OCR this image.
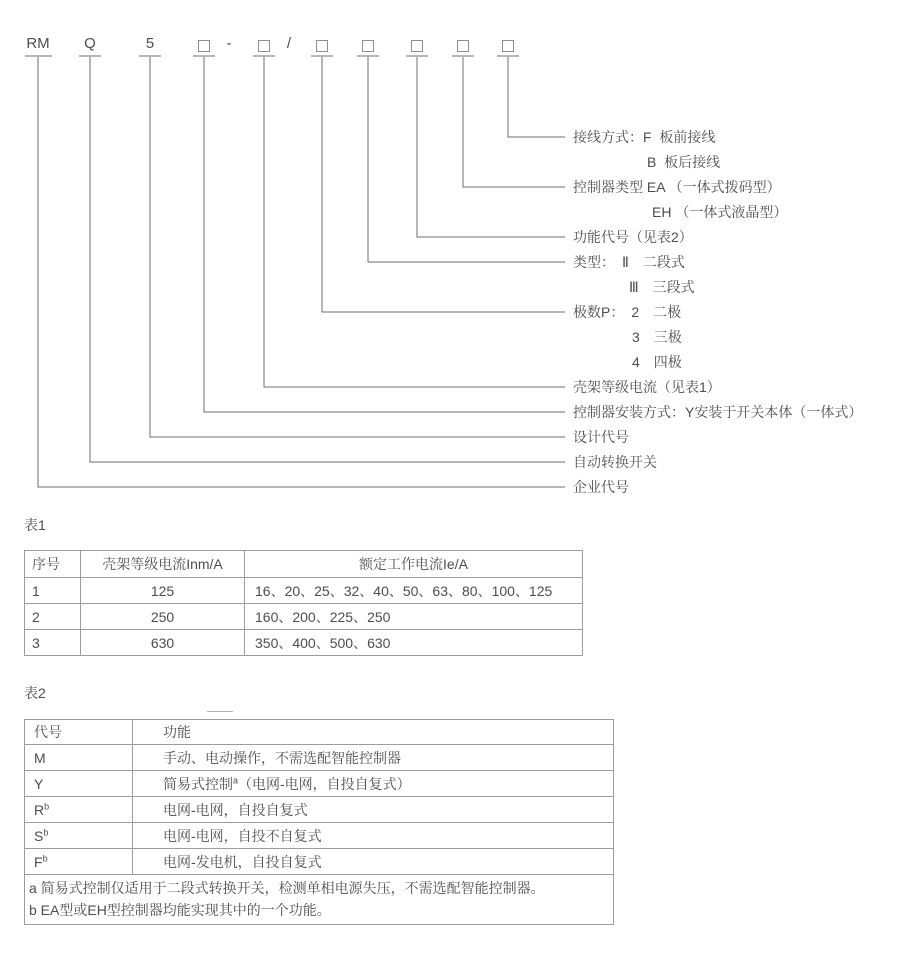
RM Q	5	-	/
接线方式：F  板前接线
B  板后接线
控制器类型 EA （一体式拨码型）
EH （一体式液晶型）
功能代号（见表2）
类型：　Ⅱ　二段式
Ⅲ　三段式
极数P：　2　二极
3　三极
4　四极
壳架等级电流（见表1）
控制器安装方式：Y安装于开关本体（一体式）
设计代号
自动转换开关
企业代号
表1
序号	壳架等级电流Inm/A	额定工作电流Ie/A
1	125	16、20、25、32、40、50、63、80、100、125
2	250	160、200、225、250
3	630	350、400、500、630
表2
代号	功能
M	手动、电动操作，不需选配智能控制器
Y	简易式控制$^a$（电网-电网，自投自复式）
$R^b$	电网-电网，自投自复式
$S^b$	电网-电网，自投不自复式
$F^b$	电网-发电机，自投自复式

a 简易式控制仅适用于二段式转换开关，检测单相电源失压，不需选配智能控制器。
b EA型或EH型控制器均能实现其中的一个功能。	
